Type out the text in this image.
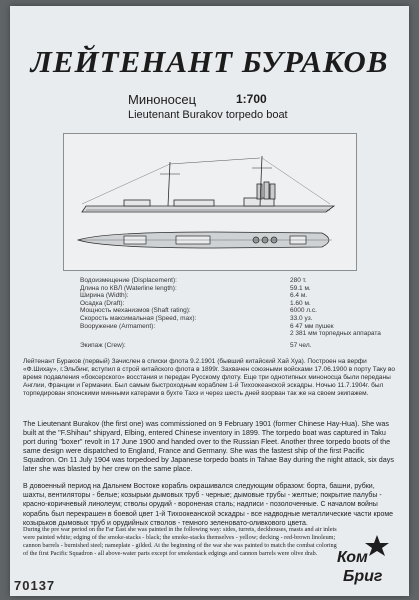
ЛЕЙТЕНАНТ БУРАКОВ
Миноносец	1:700
Lieutenant Burakov torpedo boat
Водоизмещение (Displacement):	280 т.
Длина по КВЛ (Waterline length):	59.1 м.
Ширина (Width):	6.4 м.
Осадка (Draft):	1.60 м.
Мощность механизмов (Shaft rating):	6000 л.с.
Скорость максимальная (Speed, max):	33.0 уз.
Вооружение (Armament):	6 47 мм пушек
2 381 мм торпедных аппарата
Экипаж (Crew):	57 чел.
Лейтенант Бураков (первый) Зачислен в списки флота 9.2.1901 (бывший китайский Хай Хуа). Построен на верфи «Ф.Шихау», г.Эльбинг, вступил в строй китайского флота в 1899г. Захвачен союзными войсками 17.06.1900 в порту Таку во время подавления «боксерского» восстания и передан Русскому флоту. Еще три однотипных миноносца были переданы Англии, Франции и Германии. Был самым быстроходным кораблем 1-й Тихоокеанской эскадры. Ночью 11.7.1904г. был торпедирован японскими минными катерами в бухте Тахэ и через шесть дней взорван так же на своем экипажем.
The Lieutenant Burakov (the first one) was commissioned on 9 February 1901 (former Chinese Hay-Hua). She was built at the "F.Shihau" shipyard, Elbing, entered Chinese inventory in 1899. The torpedo boat was captured in Taku port during "boxer" revolt in 17 June 1900 and handed over to the Russian Fleet. Another three torpedo boots of the same design were dispatched to England, France and Germany. She was the fastest ship of the first Pacific Squadron. On 11 July 1904 was torpedoed by Japanese torpedo boats in Tahae Bay during the night attack, six days later she was blasted by her crew on the same place.
В довоенный период на Дальнем Востоке корабль окрашивался следующим образом: борта, башни, рубки, шахты, вентиляторы - белые; козырьки дымовых труб - черные; дымовые трубы - желтые; покрытие палубы - красно-коричневый линолеум; стволы орудий - вороненая сталь; надписи - позолоченные. С началом войны корабль был перекрашен в боевой цвет 1-й Тихоокеанской эскадры - все надводные металлические части кроме козырьков дымовых труб и орудийных стволов - темного зеленовато-оливкового цвета.
During the pre war period on the Far East she was painted in the following way: sides, turrets, deckhouses, masts and air inlets were painted white; edging of the smoke-stacks - black; the smoke-stacks themselves - yellow; decking - red-brown linoleum; cannon barrels - burnished steel; nameplate - gilded. At the beginning of the war she was painted to match the combat coloring of the first Pacific Squadron - all above-water parts except for smokestack edgings and cannon barrels were olive drab.
70137
Ком
Бриг
